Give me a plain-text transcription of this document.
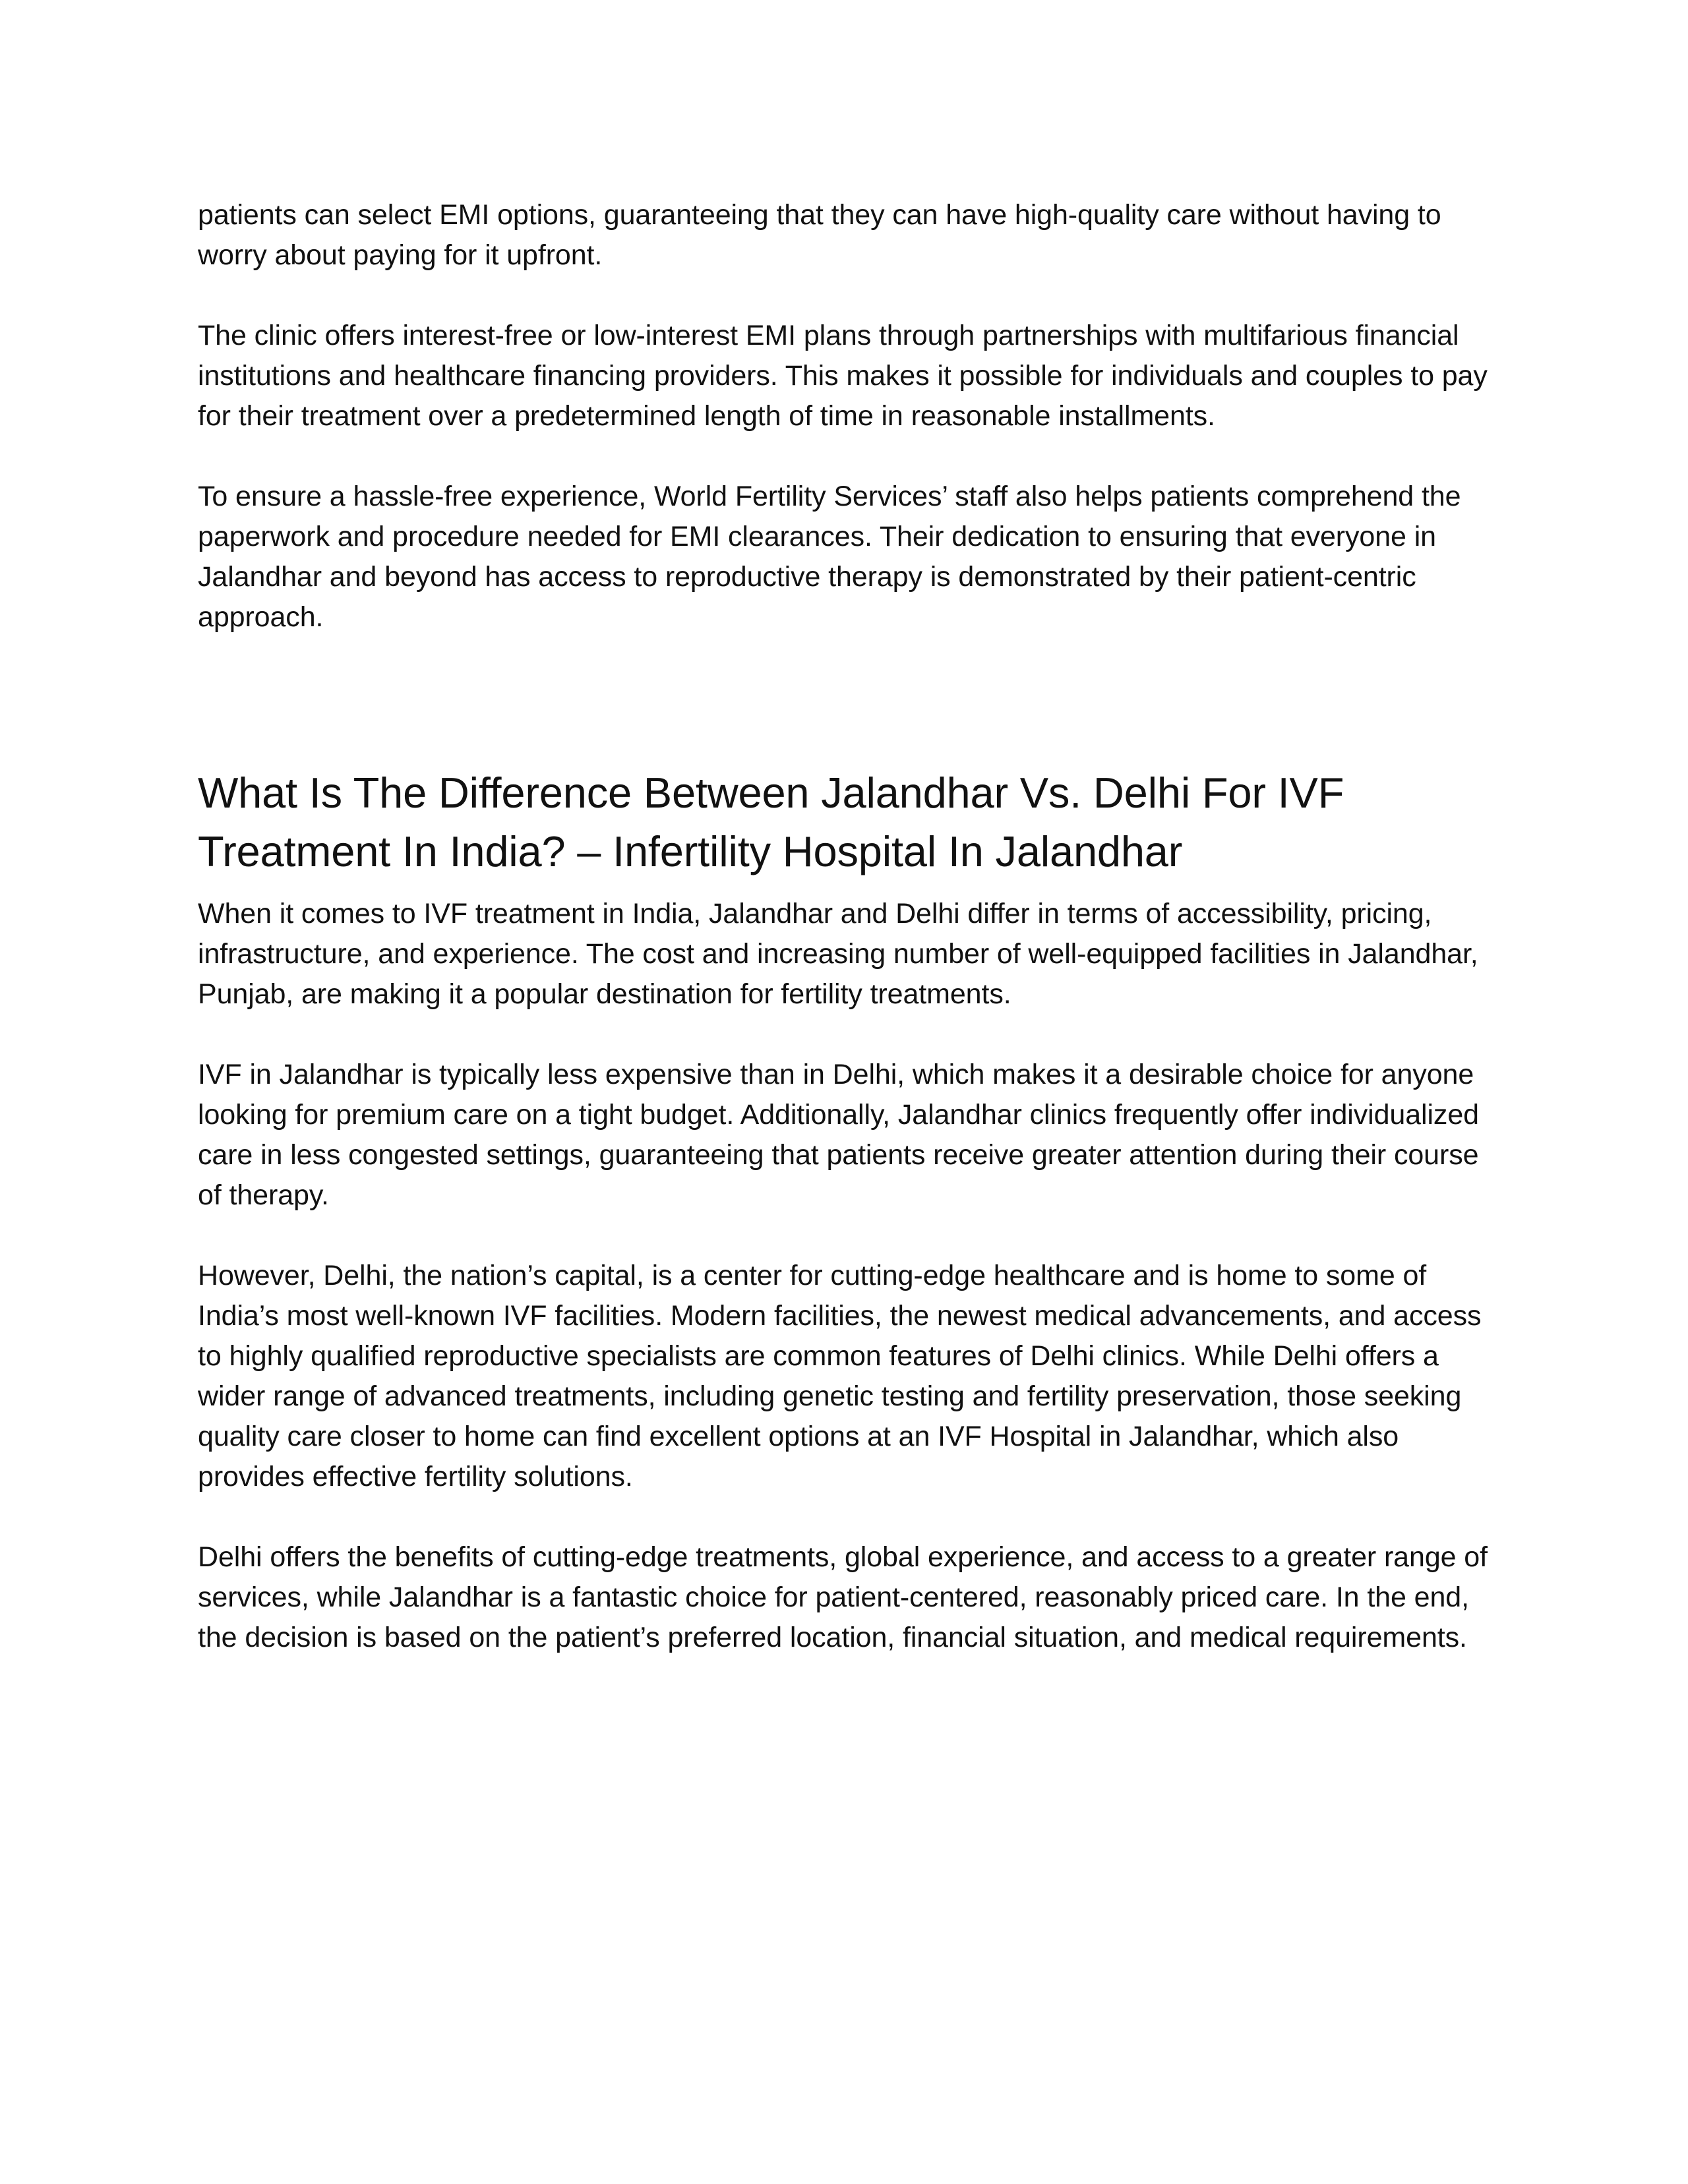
patients can select EMI options, guaranteeing that they can have high-quality care without having to worry about paying for it upfront.

The clinic offers interest-free or low-interest EMI plans through partnerships with multifarious financial institutions and healthcare financing providers. This makes it possible for individuals and couples to pay for their treatment over a predetermined length of time in reasonable installments.

To ensure a hassle-free experience, World Fertility Services’ staff also helps patients comprehend the paperwork and procedure needed for EMI clearances. Their dedication to ensuring that everyone in Jalandhar and beyond has access to reproductive therapy is demonstrated by their patient-centric approach.

What Is The Difference Between Jalandhar Vs. Delhi For IVF Treatment In India? – Infertility Hospital In Jalandhar

When it comes to IVF treatment in India, Jalandhar and Delhi differ in terms of accessibility, pricing, infrastructure, and experience. The cost and increasing number of well-equipped facilities in Jalandhar, Punjab, are making it a popular destination for fertility treatments.

IVF in Jalandhar is typically less expensive than in Delhi, which makes it a desirable choice for anyone looking for premium care on a tight budget. Additionally, Jalandhar clinics frequently offer individualized care in less congested settings, guaranteeing that patients receive greater attention during their course of therapy.

However, Delhi, the nation’s capital, is a center for cutting-edge healthcare and is home to some of India’s most well-known IVF facilities. Modern facilities, the newest medical advancements, and access to highly qualified reproductive specialists are common features of Delhi clinics. While Delhi offers a wider range of advanced treatments, including genetic testing and fertility preservation, those seeking quality care closer to home can find excellent options at an IVF Hospital in Jalandhar, which also provides effective fertility solutions.

Delhi offers the benefits of cutting-edge treatments, global experience, and access to a greater range of services, while Jalandhar is a fantastic choice for patient-centered, reasonably priced care. In the end, the decision is based on the patient’s preferred location, financial situation, and medical requirements.
